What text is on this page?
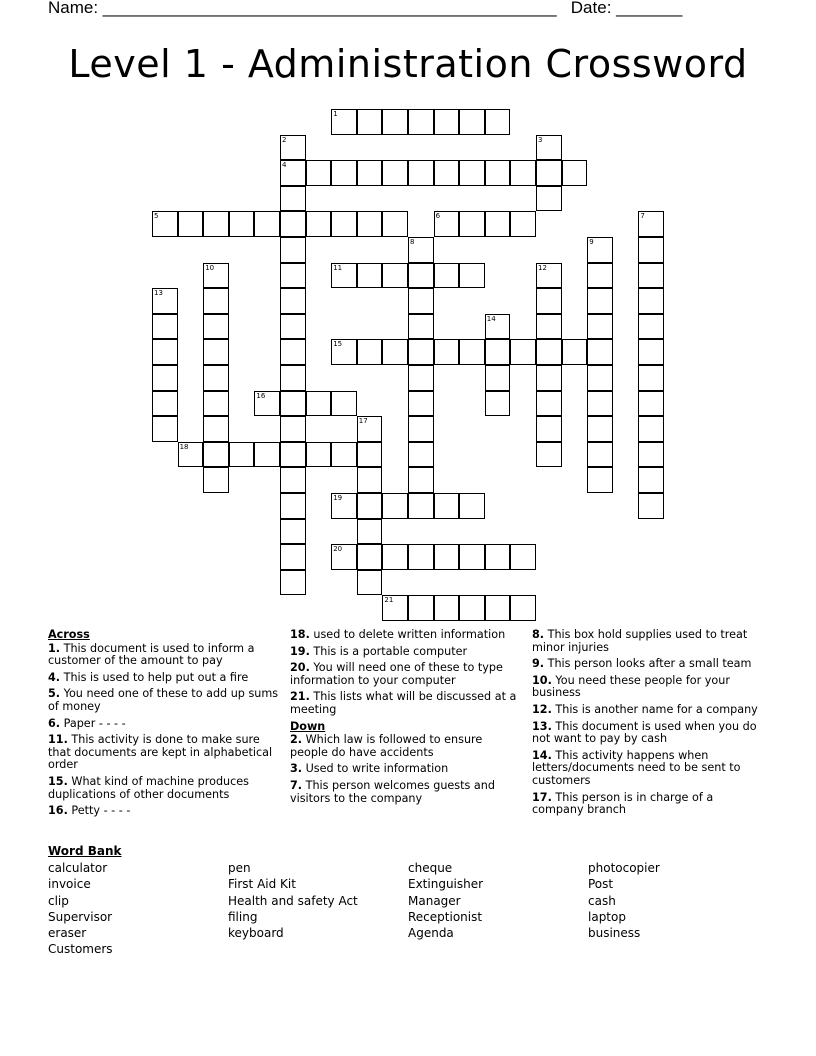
Name: ________________________________________________   Date: _______
Level 1 - Administration Crossword
1
2	3
4
5	6	7
8	9
10	11	12
13
14
15
16
17
18
19
20
21
Across
1. This document is used to inform a customer of the amount to pay
4. This is used to help put out a fire
5. You need one of these to add up sums of money
6. Paper - - - -
11. This activity is done to make sure that documents are kept in alphabetical order
15. What kind of machine produces duplications of other documents
16. Petty - - - -
18. used to delete written information
19. This is a portable computer
20. You will need one of these to type information to your computer
21. This lists what will be discussed at a meeting
Down
2. Which law is followed to ensure people do have accidents
3. Used to write information
7. This person welcomes guests and visitors to the company
8. This box hold supplies used to treat minor injuries
9. This person looks after a small team
10. You need these people for your business
12. This is another name for a company
13. This document is used when you do not want to pay by cash
14. This activity happens when letters/documents need to be sent to customers
17. This person is in charge of a company branch
Word Bank
calculator
invoice
clip
Supervisor
eraser
Customers
pen
First Aid Kit
Health and safety Act
filing
keyboard
cheque
Extinguisher
Manager
Receptionist
Agenda
photocopier
Post
cash
laptop
business
